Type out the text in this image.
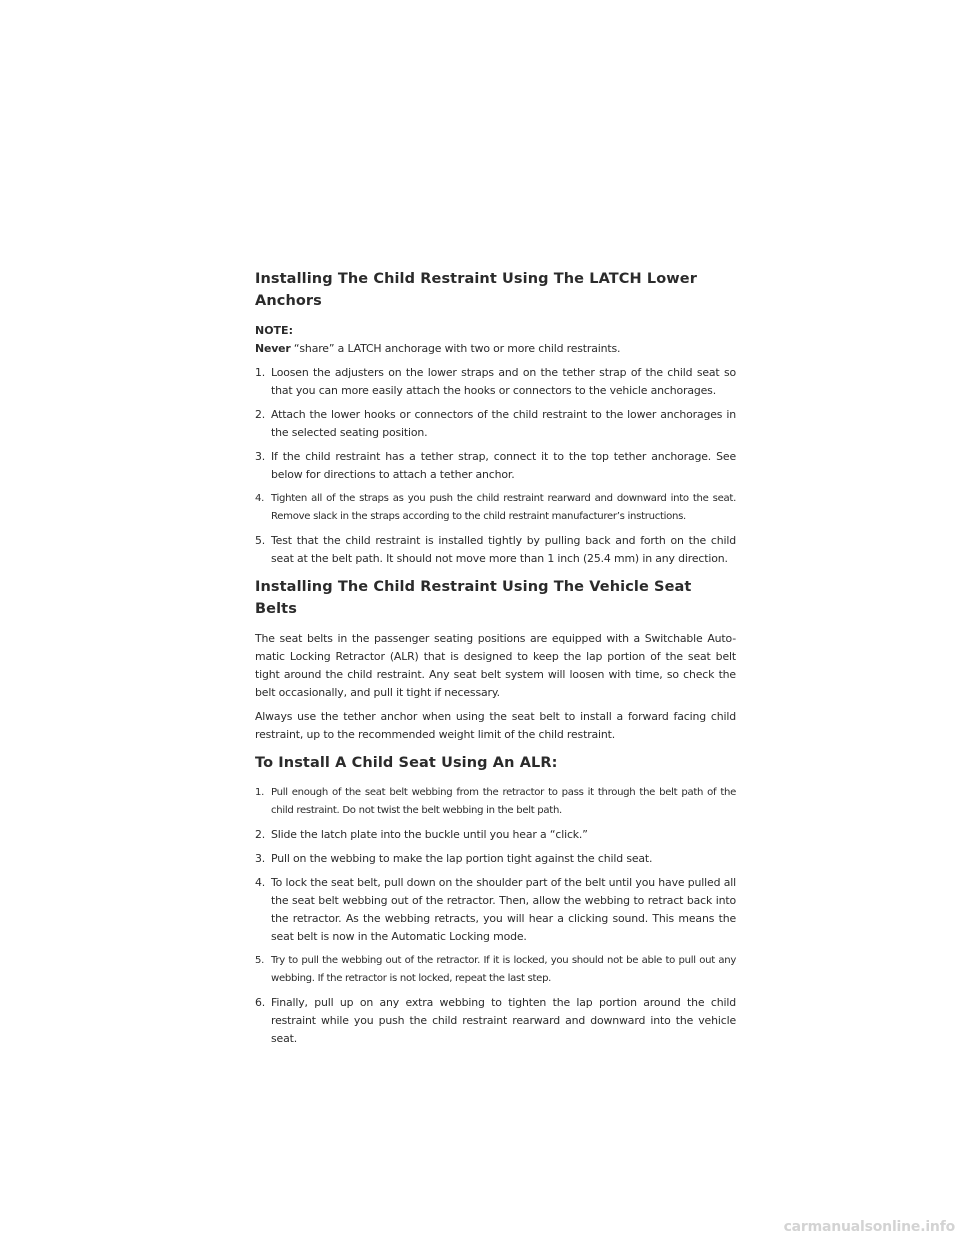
Installing The Child Restraint Using The LATCH Lower Anchors
NOTE:

Never “share” a LATCH anchorage with two or more child restraints.

1. Loosen the adjusters on the lower straps and on the tether strap of the child seat so that you can more easily attach the hooks or connectors to the vehicle anchorages.
2. Attach the lower hooks or connectors of the child restraint to the lower anchorages in the selected seating position.
3. If the child restraint has a tether strap, connect it to the top tether anchorage. See below for directions to attach a tether anchor.
4. Tighten all of the straps as you push the child restraint rearward and downward into the seat. Remove slack in the straps according to the child restraint manufacturer’s instructions.
5. Test that the child restraint is installed tightly by pulling back and forth on the child seat at the belt path. It should not move more than 1 inch (25.4 mm) in any direction.
Installing The Child Restraint Using The Vehicle Seat Belts

The seat belts in the passenger seating positions are equipped with a Switchable Auto-matic Locking Retractor (ALR) that is designed to keep the lap portion of the seat belt tight around the child restraint. Any seat belt system will loosen with time, so check the belt occasionally, and pull it tight if necessary.

Always use the tether anchor when using the seat belt to install a forward facing child restraint, up to the recommended weight limit of the child restraint.

To Install A Child Seat Using An ALR:
1. Pull enough of the seat belt webbing from the retractor to pass it through the belt path of the child restraint. Do not twist the belt webbing in the belt path.
2. Slide the latch plate into the buckle until you hear a “click.”
3. Pull on the webbing to make the lap portion tight against the child seat.
4. To lock the seat belt, pull down on the shoulder part of the belt until you have pulled all the seat belt webbing out of the retractor. Then, allow the webbing to retract back into the retractor. As the webbing retracts, you will hear a clicking sound. This means the seat belt is now in the Automatic Locking mode.
5. Try to pull the webbing out of the retractor. If it is locked, you should not be able to pull out any webbing. If the retractor is not locked, repeat the last step.
6. Finally, pull up on any extra webbing to tighten the lap portion around the child restraint while you push the child restraint rearward and downward into the vehicle seat.
carmanualsonline.info
